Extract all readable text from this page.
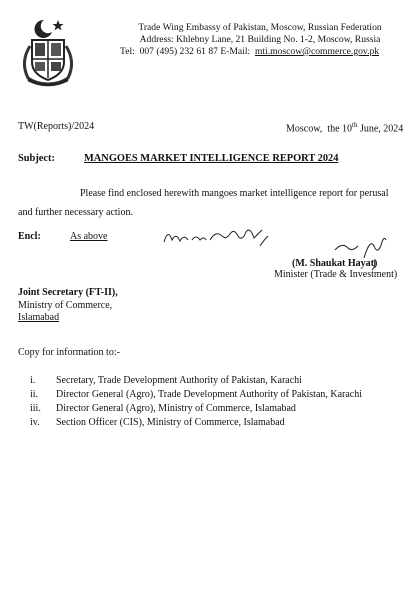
Trade Wing Embassy of Pakistan, Moscow, Russian Federation
Address: Khlebny Lane, 21 Building No. 1-2, Moscow, Russia
Tel:  007 (495) 232 61 87 E-Mail:  mti.moscow@commerce.gov.pk
TW(Reports)/2024	Moscow,  the 10th June, 2024
Subject:	MANGOES MARKET INTELLIGENCE REPORT 2024
Please find enclosed herewith mangoes market intelligence report for perusal and further necessary action.
Encl:	As above
(M. Shaukat Hayat)
Minister (Trade & Investment)
Joint Secretary (FT-II),
Ministry of Commerce,
Islamabad
Copy for information to:-
i. Secretary, Trade Development Authority of Pakistan, Karachi
ii. Director General (Agro), Trade Development Authority of Pakistan, Karachi
iii. Director General (Agro), Ministry of Commerce, Islamabad
iv. Section Officer (CIS), Ministry of Commerce, Islamabad
